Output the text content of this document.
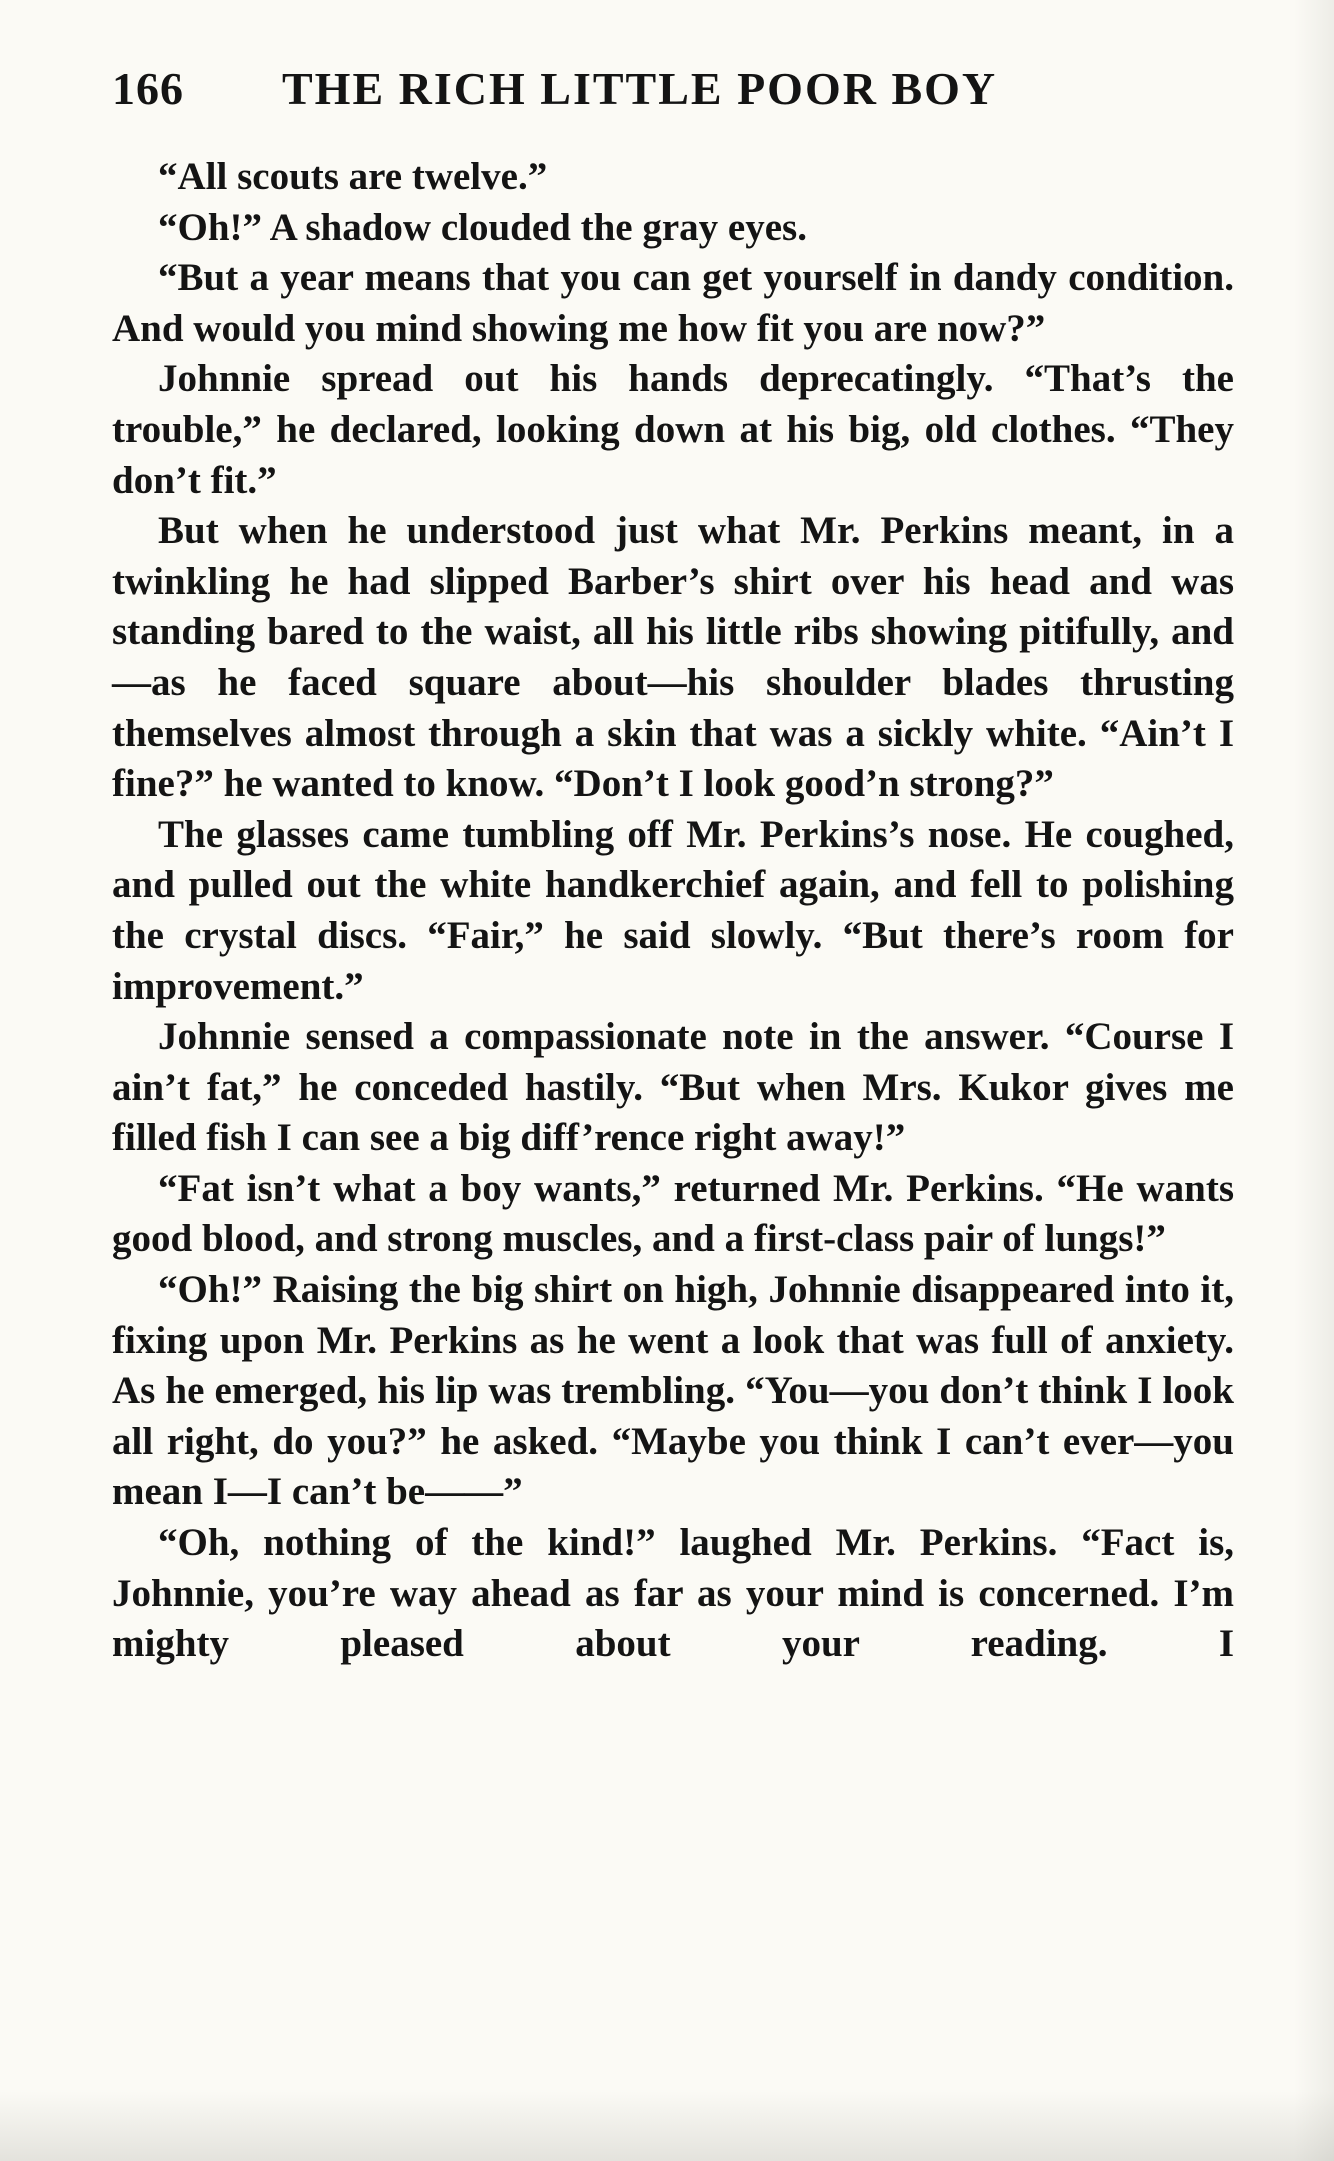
166 THE RICH LITTLE POOR BOY

“All scouts are twelve.”

“Oh!” A shadow clouded the gray eyes.

“But a year means that you can get yourself in dandy condition. And would you mind showing me how fit you are now?”

Johnnie spread out his hands deprecatingly. “That’s the trouble,” he declared, looking down at his big, old clothes. “They don’t fit.”

But when he understood just what Mr. Perkins meant, in a twinkling he had slipped Barber’s shirt over his head and was standing bared to the waist, all his little ribs showing pitifully, and—as he faced square about—his shoulder blades thrusting themselves almost through a skin that was a sickly white. “Ain’t I fine?” he wanted to know. “Don’t I look good’n strong?”

The glasses came tumbling off Mr. Perkins’s nose. He coughed, and pulled out the white handkerchief again, and fell to polishing the crystal discs. “Fair,” he said slowly. “But there’s room for improvement.”

Johnnie sensed a compassionate note in the answer. “Course I ain’t fat,” he conceded hastily. “But when Mrs. Kukor gives me filled fish I can see a big diff’rence right away!”

“Fat isn’t what a boy wants,” returned Mr. Perkins. “He wants good blood, and strong muscles, and a first-class pair of lungs!”

“Oh!” Raising the big shirt on high, Johnnie disappeared into it, fixing upon Mr. Perkins as he went a look that was full of anxiety. As he emerged, his lip was trembling. “You—you don’t think I look all right, do you?” he asked. “Maybe you think I can’t ever—you mean I—I can’t be——”

“Oh, nothing of the kind!” laughed Mr. Perkins. “Fact is, Johnnie, you’re way ahead as far as your mind is concerned. I’m mighty pleased about your reading. I
